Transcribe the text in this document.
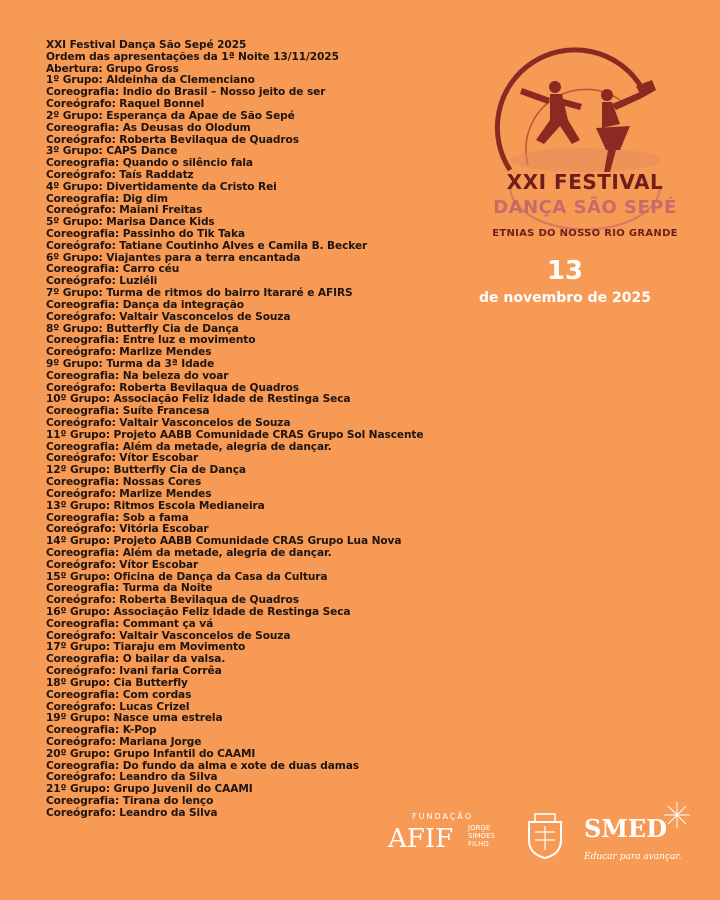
XXI Festival Dança São Sepé 2025
Ordem das apresentações da 1ª Noite 13/11/2025
Abertura: Grupo Gross
1º Grupo: Aldeinha da Clemenciano
Coreografia: Indio do Brasil – Nosso jeito de ser
Coreógrafo: Raquel Bonnel
2º Grupo: Esperança da Apae de São Sepé
Coreografia: As Deusas do Olodum
Coreógrafo: Roberta Bevilaqua de Quadros
3º Grupo: CAPS Dance
Coreografia: Quando o silêncio fala
Coreógrafo: Taís Raddatz
4º Grupo: Divertidamente da Cristo Rei
Coreografia: Dig dim
Coreógrafo: Maiani Freitas
5º Grupo: Marisa Dance Kids
Coreografia: Passinho do Tik Taka
Coreógrafo: Tatiane Coutinho Alves e Camila B. Becker
6º Grupo: Viajantes para a terra encantada
Coreografia: Carro céu
Coreógrafo: Luziéli
7º Grupo: Turma de ritmos do bairro Itararé e AFIRS
Coreografia: Dança da integração
Coreógrafo: Valtair Vasconcelos de Souza
8º Grupo: Butterfly Cia de Dança
Coreografia: Entre luz e movimento
Coreógrafo: Marlize Mendes
9º Grupo: Turma da 3ª Idade
Coreografia: Na beleza do voar
Coreógrafo: Roberta Bevilaqua de Quadros
10º Grupo: Associação Feliz Idade de Restinga Seca
Coreografia: Suíte Francesa
Coreógrafo: Valtair Vasconcelos de Souza
11º Grupo: Projeto AABB Comunidade CRAS Grupo Sol Nascente
Coreografia: Além da metade, alegria de dançar.
Coreógrafo: Vítor Escobar
12º Grupo: Butterfly Cia de Dança
Coreografia: Nossas Cores
Coreógrafo: Marlize Mendes
13º Grupo: Ritmos Escola Medianeira
Coreografia: Sob a fama
Coreógrafo: Vitória Escobar
14º Grupo: Projeto AABB Comunidade CRAS Grupo Lua Nova
Coreografia: Além da metade, alegria de dançar.
Coreógrafo: Vítor Escobar
15º Grupo: Oficina de Dança da Casa da Cultura
Coreografia: Turma da Noite
Coreógrafo: Roberta Bevilaqua de Quadros
16º Grupo: Associação Feliz Idade de Restinga Seca
Coreografia: Commant ça vá
Coreógrafo: Valtair Vasconcelos de Souza
17º Grupo: Tiaraju em Movimento
Coreografia: O bailar da valsa.
Coreógrafo: Ivani faria Corrêa
18º Grupo: Cia Butterfly
Coreografia: Com cordas
Coreógrafo: Lucas Crizel
19º Grupo: Nasce uma estrela
Coreografia: K-Pop
Coreógrafo: Mariana Jorge
20º Grupo: Grupo Infantil do CAAMI
Coreografia: Do fundo da alma e xote de duas damas
Coreógrafo: Leandro da Silva
21º Grupo: Grupo Juvenil do CAAMI
Coreografia: Tirana do lenço
Coreógrafo: Leandro da Silva
XXI FESTIVAL
DANÇA SÃO SEPÉ
ETNIAS DO NOSSO RIO GRANDE
13
de novembro de 2025
FUNDAÇÃO
AFIF JORGE SIMÕES FILHO
SMED
Educar para avançar.
